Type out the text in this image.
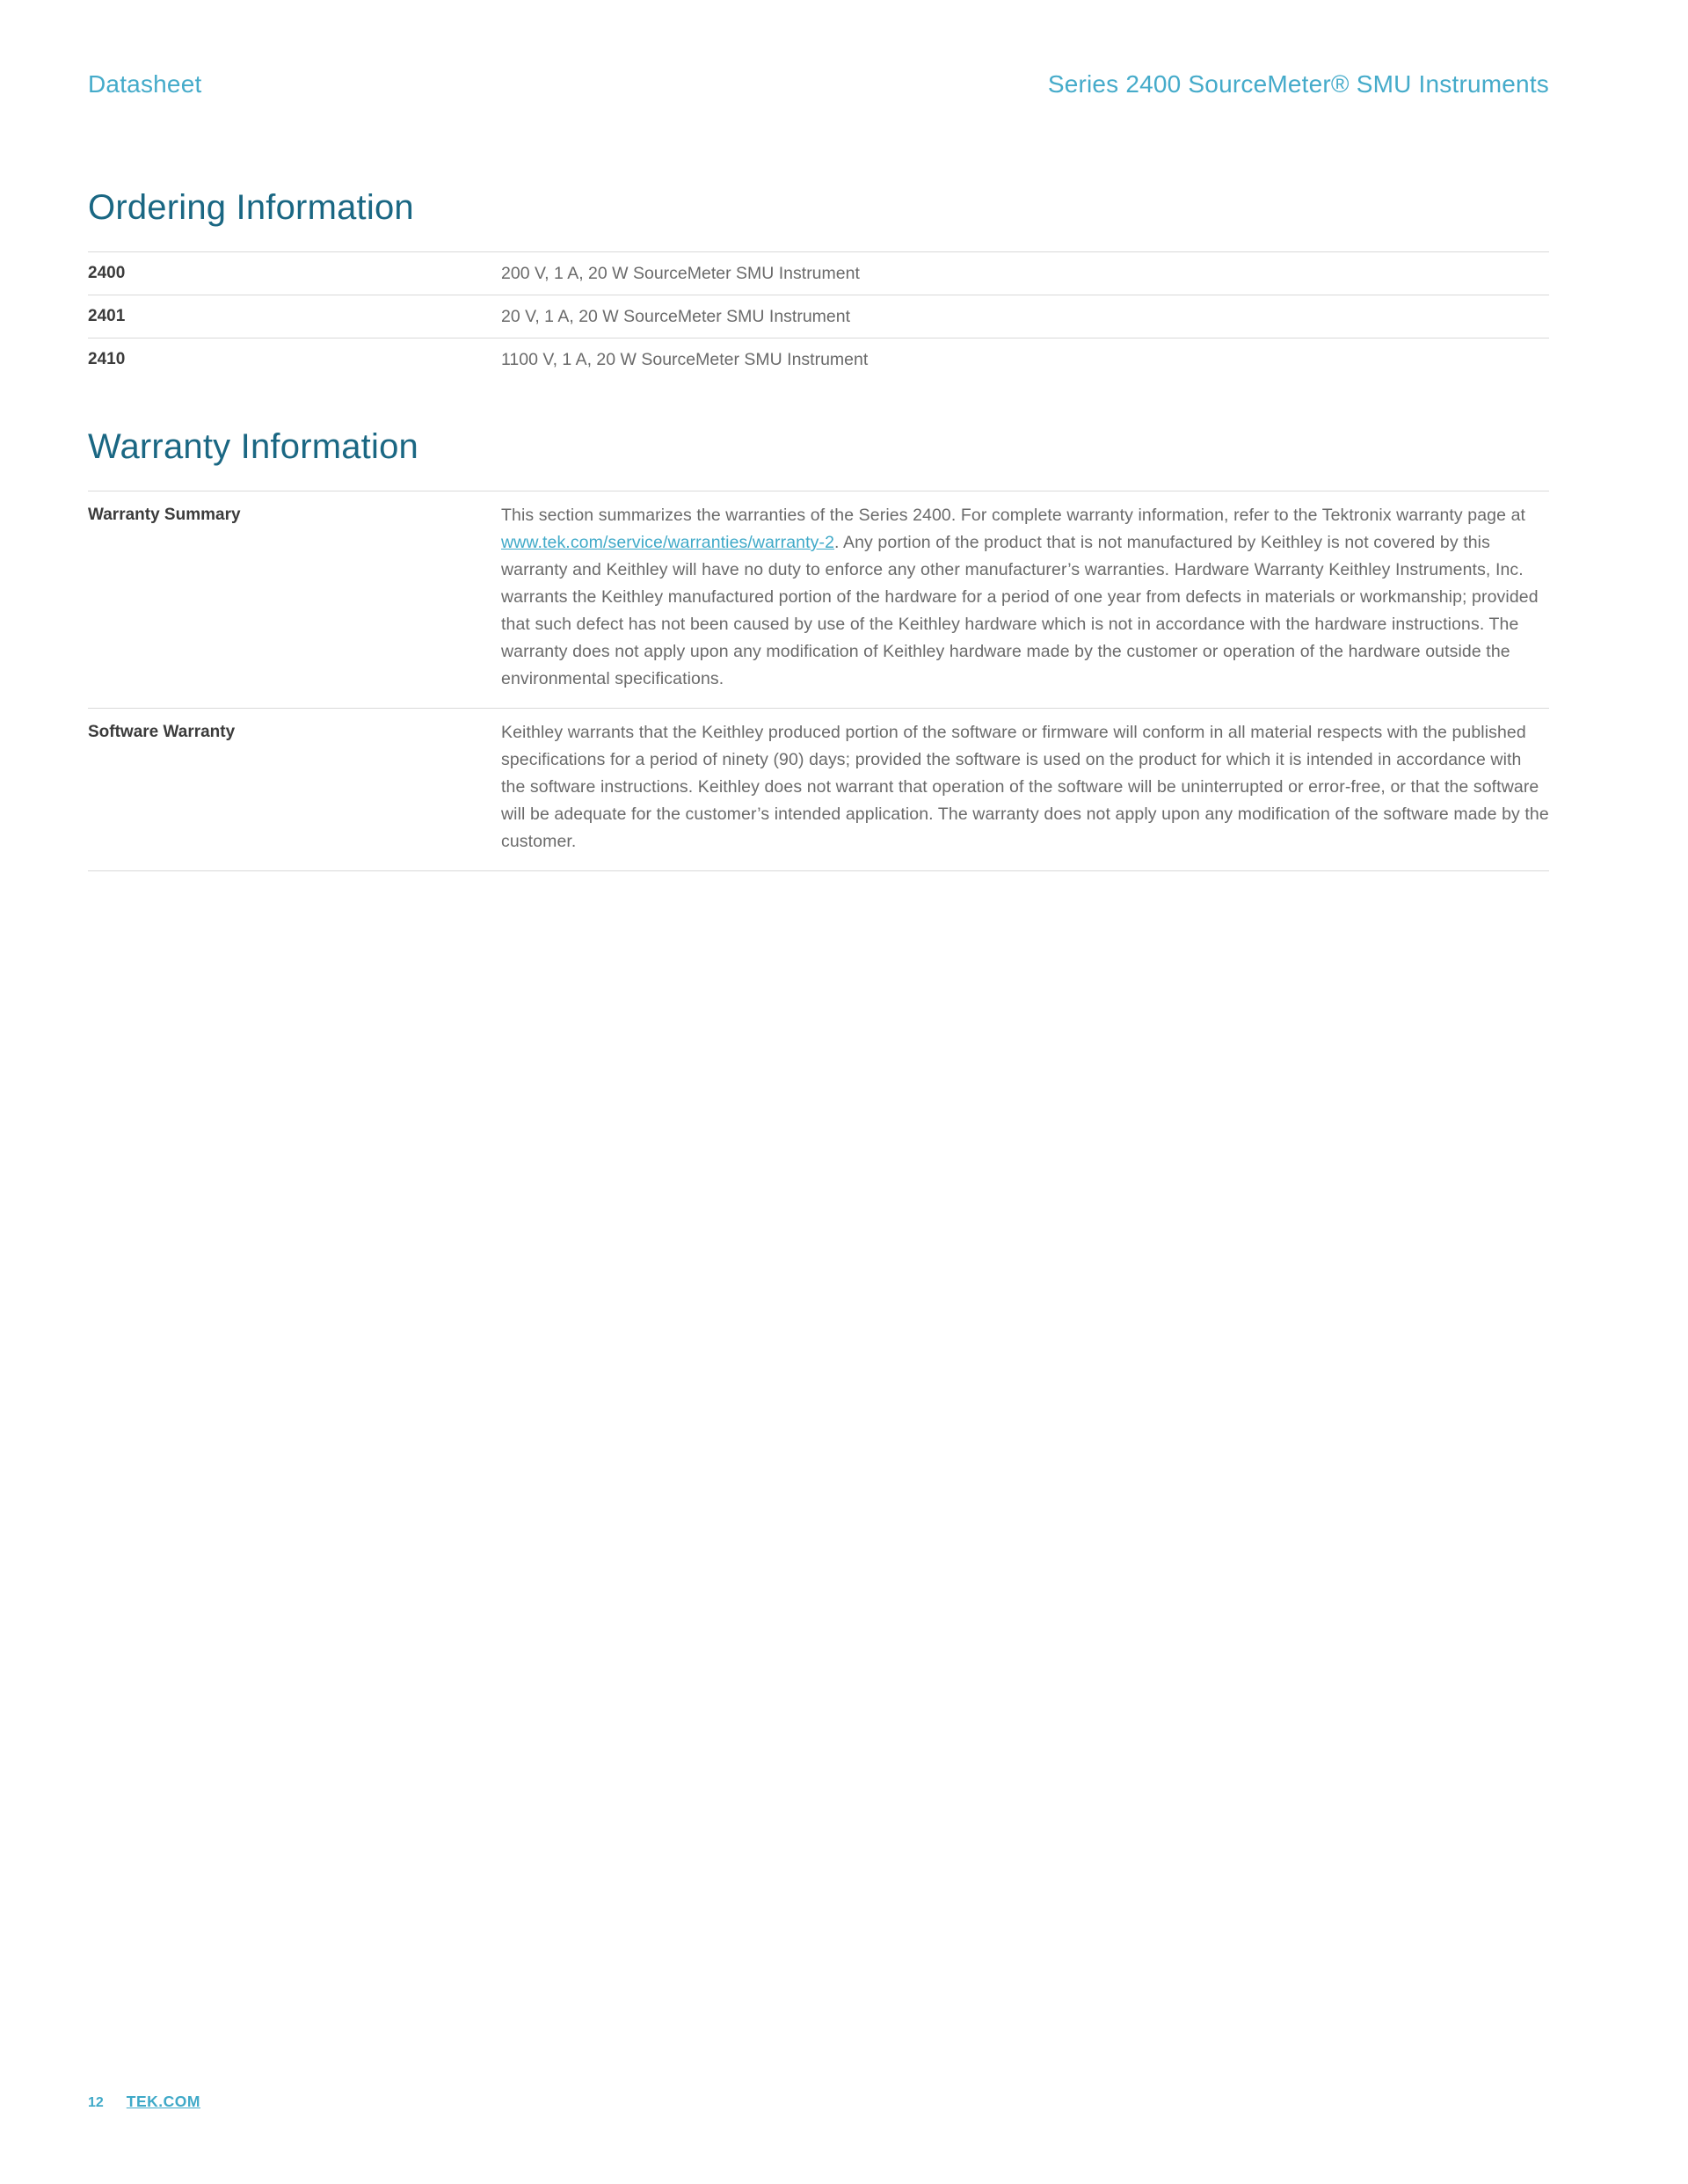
Datasheet	Series 2400 SourceMeter® SMU Instruments
Ordering Information
2400	200 V, 1 A, 20 W SourceMeter SMU Instrument
2401	20 V, 1 A, 20 W SourceMeter SMU Instrument
2410	1100 V, 1 A, 20 W SourceMeter SMU Instrument
Warranty Information
Warranty Summary	This section summarizes the warranties of the Series 2400. For complete warranty information, refer to the Tektronix warranty page at www.tek.com/service/warranties/warranty-2. Any portion of the product that is not manufactured by Keithley is not covered by this warranty and Keithley will have no duty to enforce any other manufacturer’s warranties. Hardware Warranty Keithley Instruments, Inc. warrants the Keithley manufactured portion of the hardware for a period of one year from defects in materials or workmanship; provided that such defect has not been caused by use of the Keithley hardware which is not in accordance with the hardware instructions. The warranty does not apply upon any modification of Keithley hardware made by the customer or operation of the hardware outside the environmental specifications.
Software Warranty	Keithley warrants that the Keithley produced portion of the software or firmware will conform in all material respects with the published specifications for a period of ninety (90) days; provided the software is used on the product for which it is intended in accordance with the software instructions. Keithley does not warrant that operation of the software will be uninterrupted or error-free, or that the software will be adequate for the customer’s intended application. The warranty does not apply upon any modification of the software made by the customer.
12 TEK.COM
